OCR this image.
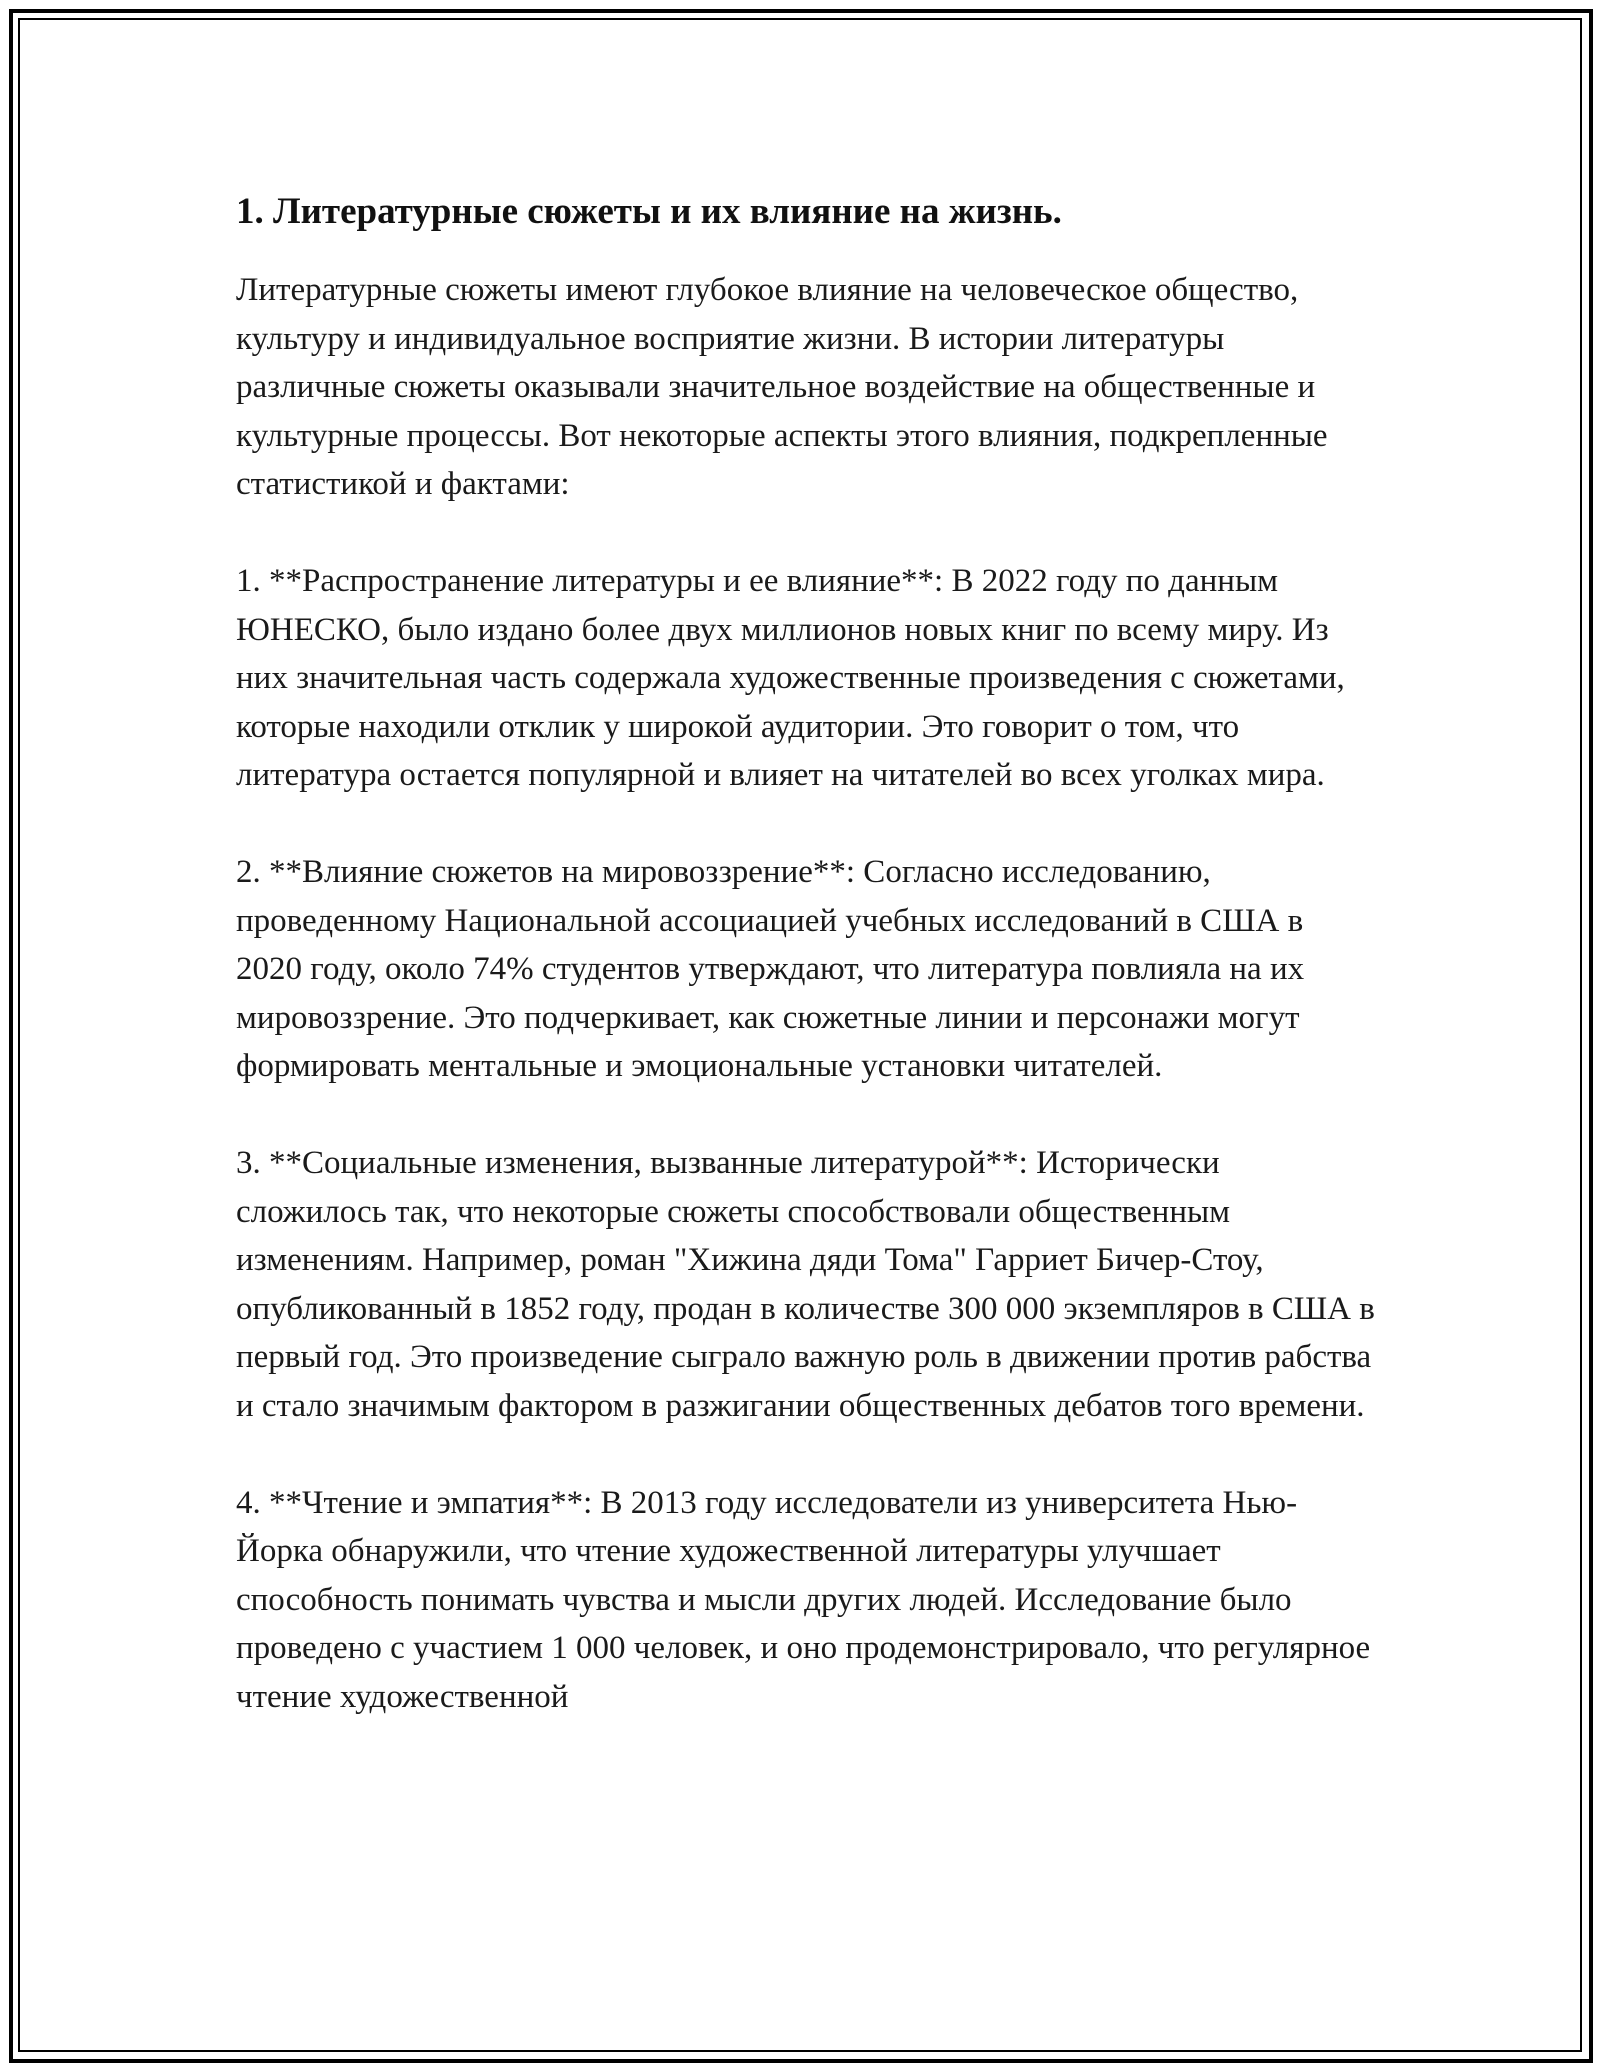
1. Литературные сюжеты и их влияние на жизнь.

Литературные сюжеты имеют глубокое влияние на человеческое общество, культуру и индивидуальное восприятие жизни. В истории литературы различные сюжеты оказывали значительное воздействие на общественные и культурные процессы. Вот некоторые аспекты этого влияния, подкрепленные статистикой и фактами:

1. **Распространение литературы и ее влияние**: В 2022 году по данным ЮНЕСКО, было издано более двух миллионов новых книг по всему миру. Из них значительная часть содержала художественные произведения с сюжетами, которые находили отклик у широкой аудитории. Это говорит о том, что литература остается популярной и влияет на читателей во всех уголках мира.

2. **Влияние сюжетов на мировоззрение**: Согласно исследованию, проведенному Национальной ассоциацией учебных исследований в США в 2020 году, около 74% студентов утверждают, что литература повлияла на их мировоззрение. Это подчеркивает, как сюжетные линии и персонажи могут формировать ментальные и эмоциональные установки читателей.

3. **Социальные изменения, вызванные литературой**: Исторически сложилось так, что некоторые сюжеты способствовали общественным изменениям. Например, роман "Хижина дяди Тома" Гарриет Бичер-Стоу, опубликованный в 1852 году, продан в количестве 300 000 экземпляров в США в первый год. Это произведение сыграло важную роль в движении против рабства и стало значимым фактором в разжигании общественных дебатов того времени.

4. **Чтение и эмпатия**: В 2013 году исследователи из университета Нью-Йорка обнаружили, что чтение художественной литературы улучшает способность понимать чувства и мысли других людей. Исследование было проведено с участием 1 000 человек, и оно продемонстрировало, что регулярное чтение художественной
